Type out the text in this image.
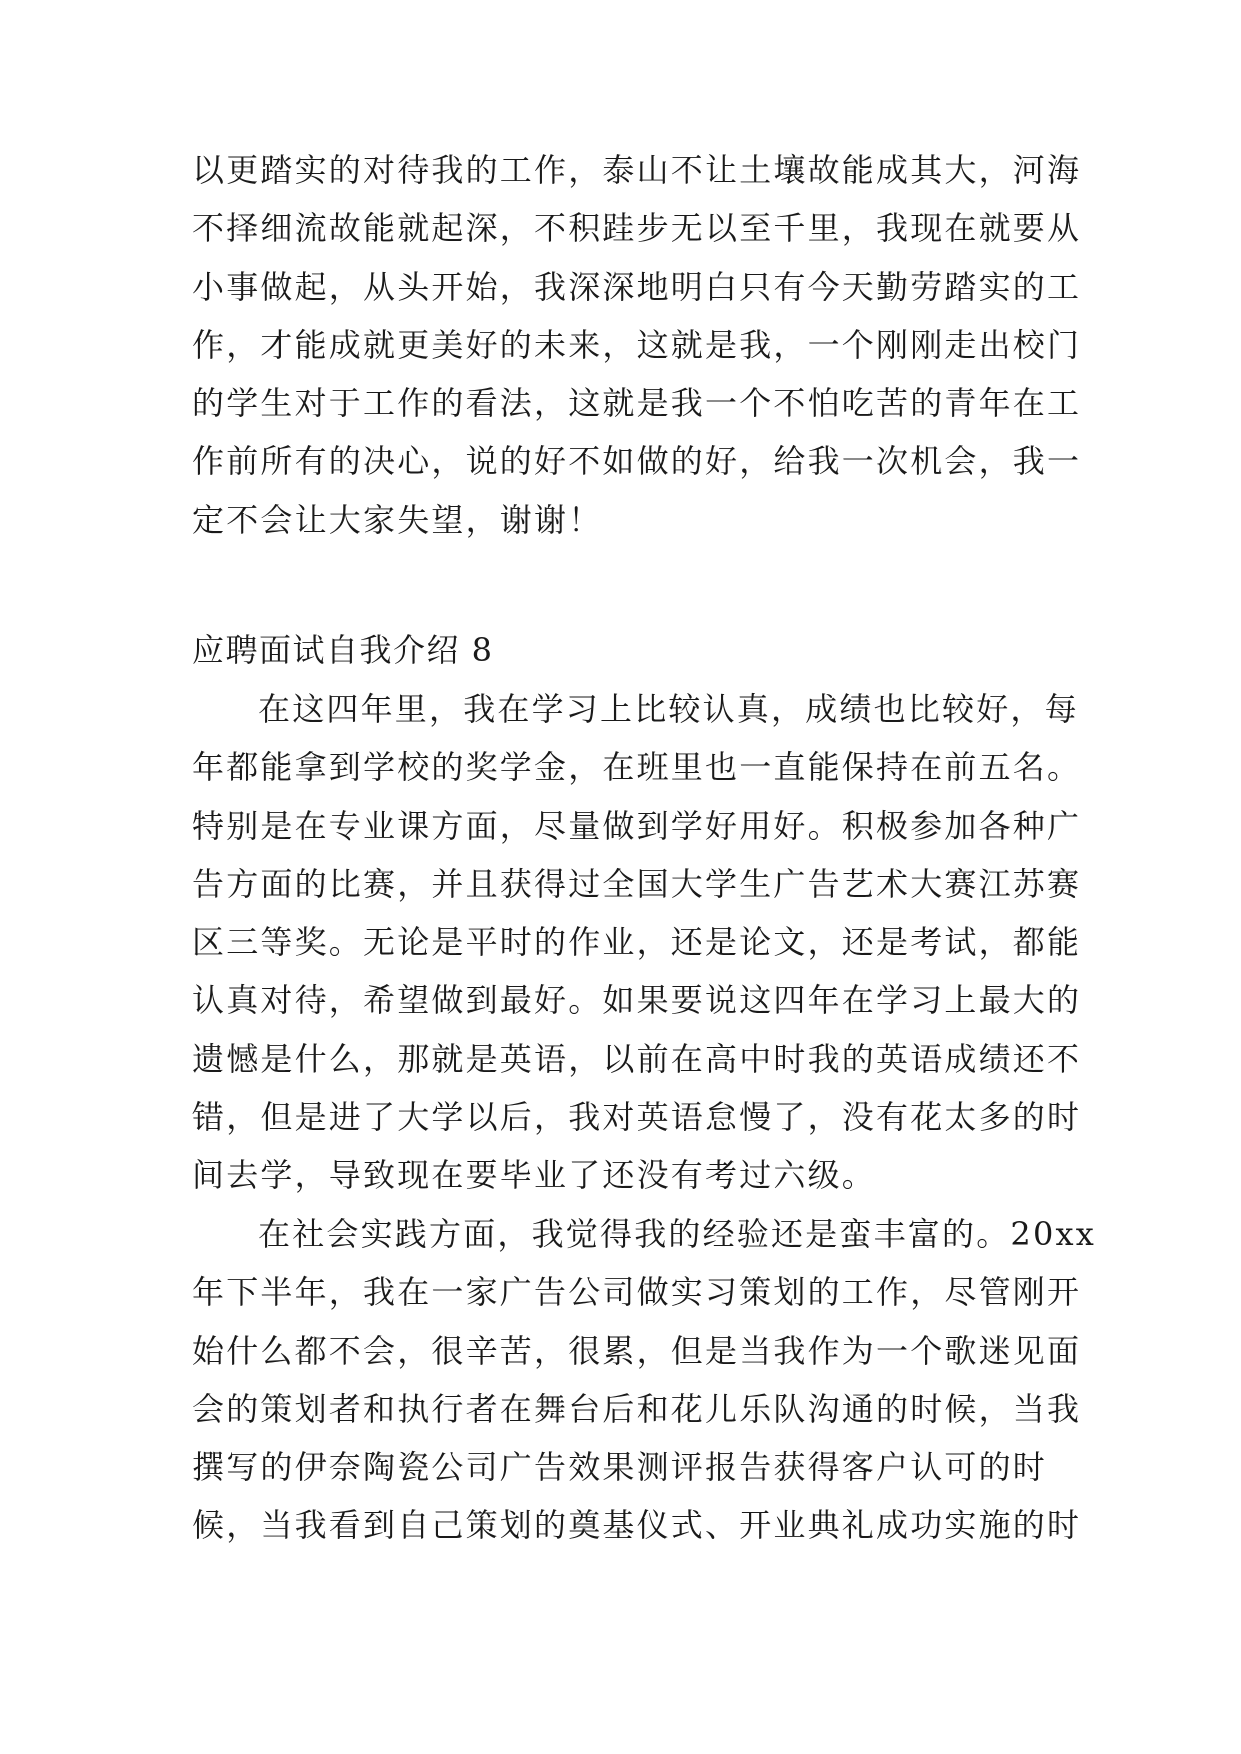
以更踏实的对待我的工作，泰山不让土壤故能成其大，河海
不择细流故能就起深，不积跬步无以至千里，我现在就要从
小事做起，从头开始，我深深地明白只有今天勤劳踏实的工
作，才能成就更美好的未来，这就是我，一个刚刚走出校门
的学生对于工作的看法，这就是我一个不怕吃苦的青年在工
作前所有的决心，说的好不如做的好，给我一次机会，我一
定不会让大家失望，谢谢！
应聘面试自我介绍 8
在这四年里，我在学习上比较认真，成绩也比较好，每
年都能拿到学校的奖学金，在班里也一直能保持在前五名。
特别是在专业课方面，尽量做到学好用好。积极参加各种广
告方面的比赛，并且获得过全国大学生广告艺术大赛江苏赛
区三等奖。无论是平时的作业，还是论文，还是考试，都能
认真对待，希望做到最好。如果要说这四年在学习上最大的
遗憾是什么，那就是英语，以前在高中时我的英语成绩还不
错，但是进了大学以后，我对英语怠慢了，没有花太多的时
间去学，导致现在要毕业了还没有考过六级。
在社会实践方面，我觉得我的经验还是蛮丰富的。20xx
年下半年，我在一家广告公司做实习策划的工作，尽管刚开
始什么都不会，很辛苦，很累，但是当我作为一个歌迷见面
会的策划者和执行者在舞台后和花儿乐队沟通的时候，当我
撰写的伊奈陶瓷公司广告效果测评报告获得客户认可的时
候，当我看到自己策划的奠基仪式、开业典礼成功实施的时
